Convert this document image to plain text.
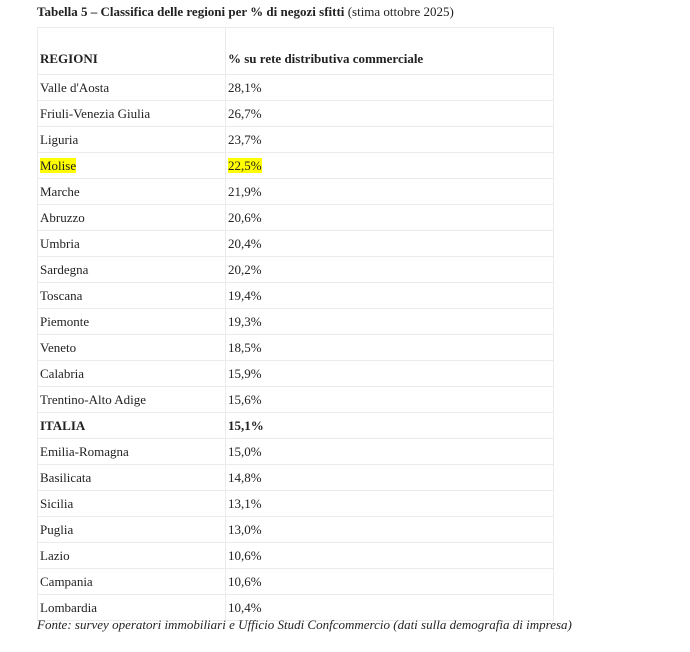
Tabella 5 – Classifica delle regioni per % di negozi sfitti (stima ottobre 2025)
REGIONI	% su rete distributiva commerciale
Valle d'Aosta	28,1%
Friuli-Venezia Giulia	26,7%
Liguria	23,7%
Molise	22,5%
Marche	21,9%
Abruzzo	20,6%
Umbria	20,4%
Sardegna	20,2%
Toscana	19,4%
Piemonte	19,3%
Veneto	18,5%
Calabria	15,9%
Trentino-Alto Adige	15,6%
ITALIA	15,1%
Emilia-Romagna	15,0%
Basilicata	14,8%
Sicilia	13,1%
Puglia	13,0%
Lazio	10,6%
Campania	10,6%
Lombardia	10,4%
Fonte: survey operatori immobiliari e Ufficio Studi Confcommercio (dati sulla demografia di impresa)
